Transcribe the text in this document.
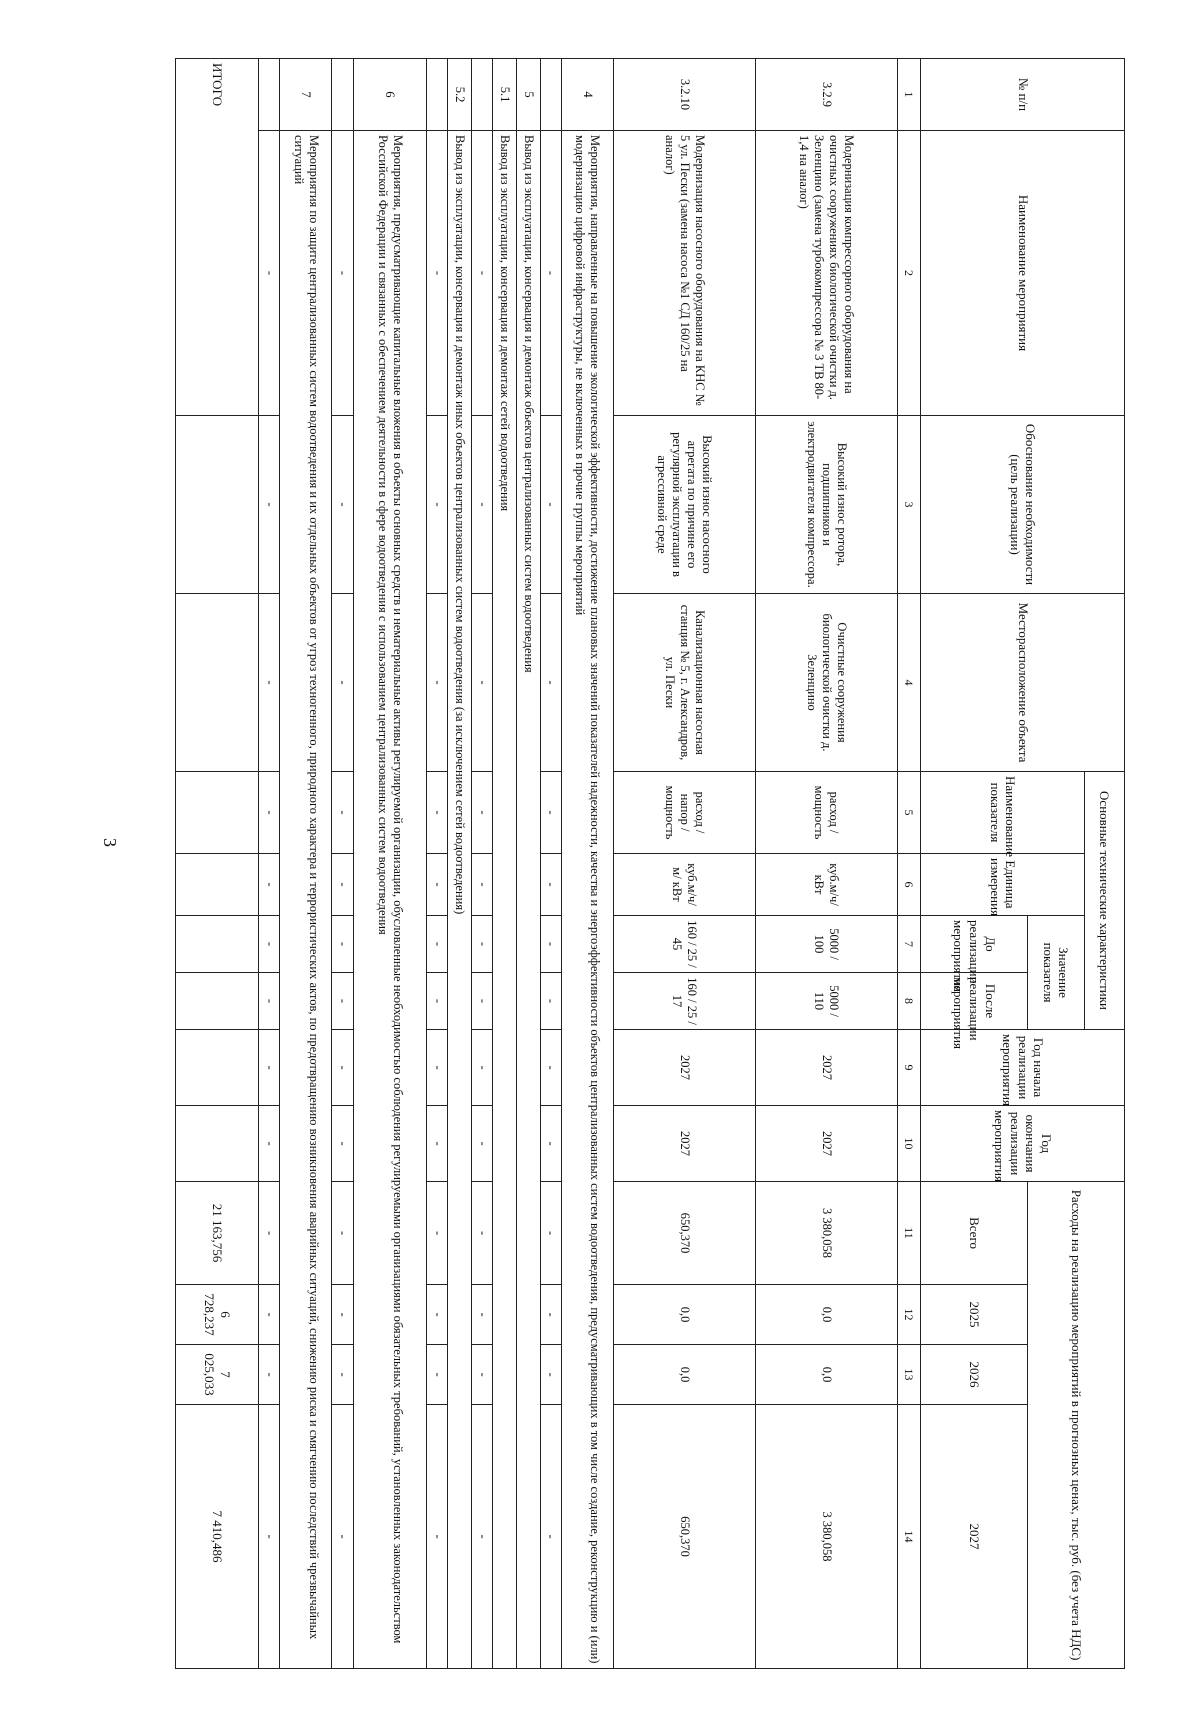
3
№ п/п	Наименование мероприятия	Обоснование необходимости (цель реализации)	Месторасположение объекта	Основные технические характеристики				Год начала реализации мероприятия	Год окончания реализации мероприятия	Расходы на реализацию мероприятий в прогнозных ценах, тыс. руб. (без учета НДС)			
				Наименование показателя	Единица измерения	Значение показателя							
						До реализации мероприятия	После реализации мероприятия			Всего	2025	2026	2027
1	2	3	4	5	6	7	8	9	10	11	12	13	14
3.2.9	Модернизация компрессорного оборудования на очистных сооружениях биологической очистки д. Зеленцино (замена турбокомпрессора № 3 ТВ 80-1,4 на аналог)	Высокий износ ротора, подшипников и электродвигателя компрессора.	Очистные сооружения биологической очистки д. Зеленцино	расход / мощность	куб.м/ч/ кВт	5000 / 100	5000 / 110	2027	2027	3 380,058	0,0	0,0	3 380,058
3.2.10	Модернизация насосного оборудования на КНС № 5 ул. Пески (замена насоса №1 СД 160/25 на аналог)	Высокий износ насосного агрегата по причине его регулярной эксплуатации в агрессивной среде	Канализационная насосная станция № 5, г. Александров, ул. Пески	расход / напор / мощность	куб.м/ч/ м/ кВт	160 / 25 / 45	160 / 25 / 17	2027	2027	650,370	0,0	0,0	650,370
4	Мероприятия, направленные на повышение экологической эффективности, достижение плановых значений показателей надежности, качества и энергоэффективности объектов централизованных систем водоотведения, предусматривающих в том числе создание, реконструкцию и (или) модернизацию цифровой инфраструктуры, не включенных в прочие группы мероприятий												
	-	-	-	-	-	-	-	-	-	-	-	-	-
5	Вывод из эксплуатации, консервация и демонтаж объектов централизованных систем водоотведения												
5.1	Вывод из эксплуатации, консервация и демонтаж сетей водоотведения												
	-	-	-	-	-	-	-	-	-	-	-	-	-
5.2	Вывод из эксплуатации, консервация и демонтаж иных объектов централизованных систем водоотведения (за исключением сетей водоотведения)												
	-	-	-	-	-	-	-	-	-	-	-	-	-
6	Мероприятия, предусматривающие капитальные вложения в объекты основных средств и нематериальные активы регулируемой организации, обусловленные необходимостью соблюдения регулируемыми организациями обязательных требований, установленных законодательством Российской Федерации и связанных с обеспечением деятельности в сфере водоотведения с использованием централизованных систем водоотведения												
	-	-	-	-	-	-	-	-	-	-	-	-	-
7	Мероприятия по защите централизованных систем водоотведения и их отдельных объектов от угроз техногенного, природного характера и террористических актов, по предотвращению возникновения аварийных ситуаций, снижению риска и смягчению последствий чрезвычайных ситуаций												
	-	-	-	-	-	-	-	-	-	-	-	-	-
ИТОГО										21 163,756	6 728,237	7 025,033	7 410,486
